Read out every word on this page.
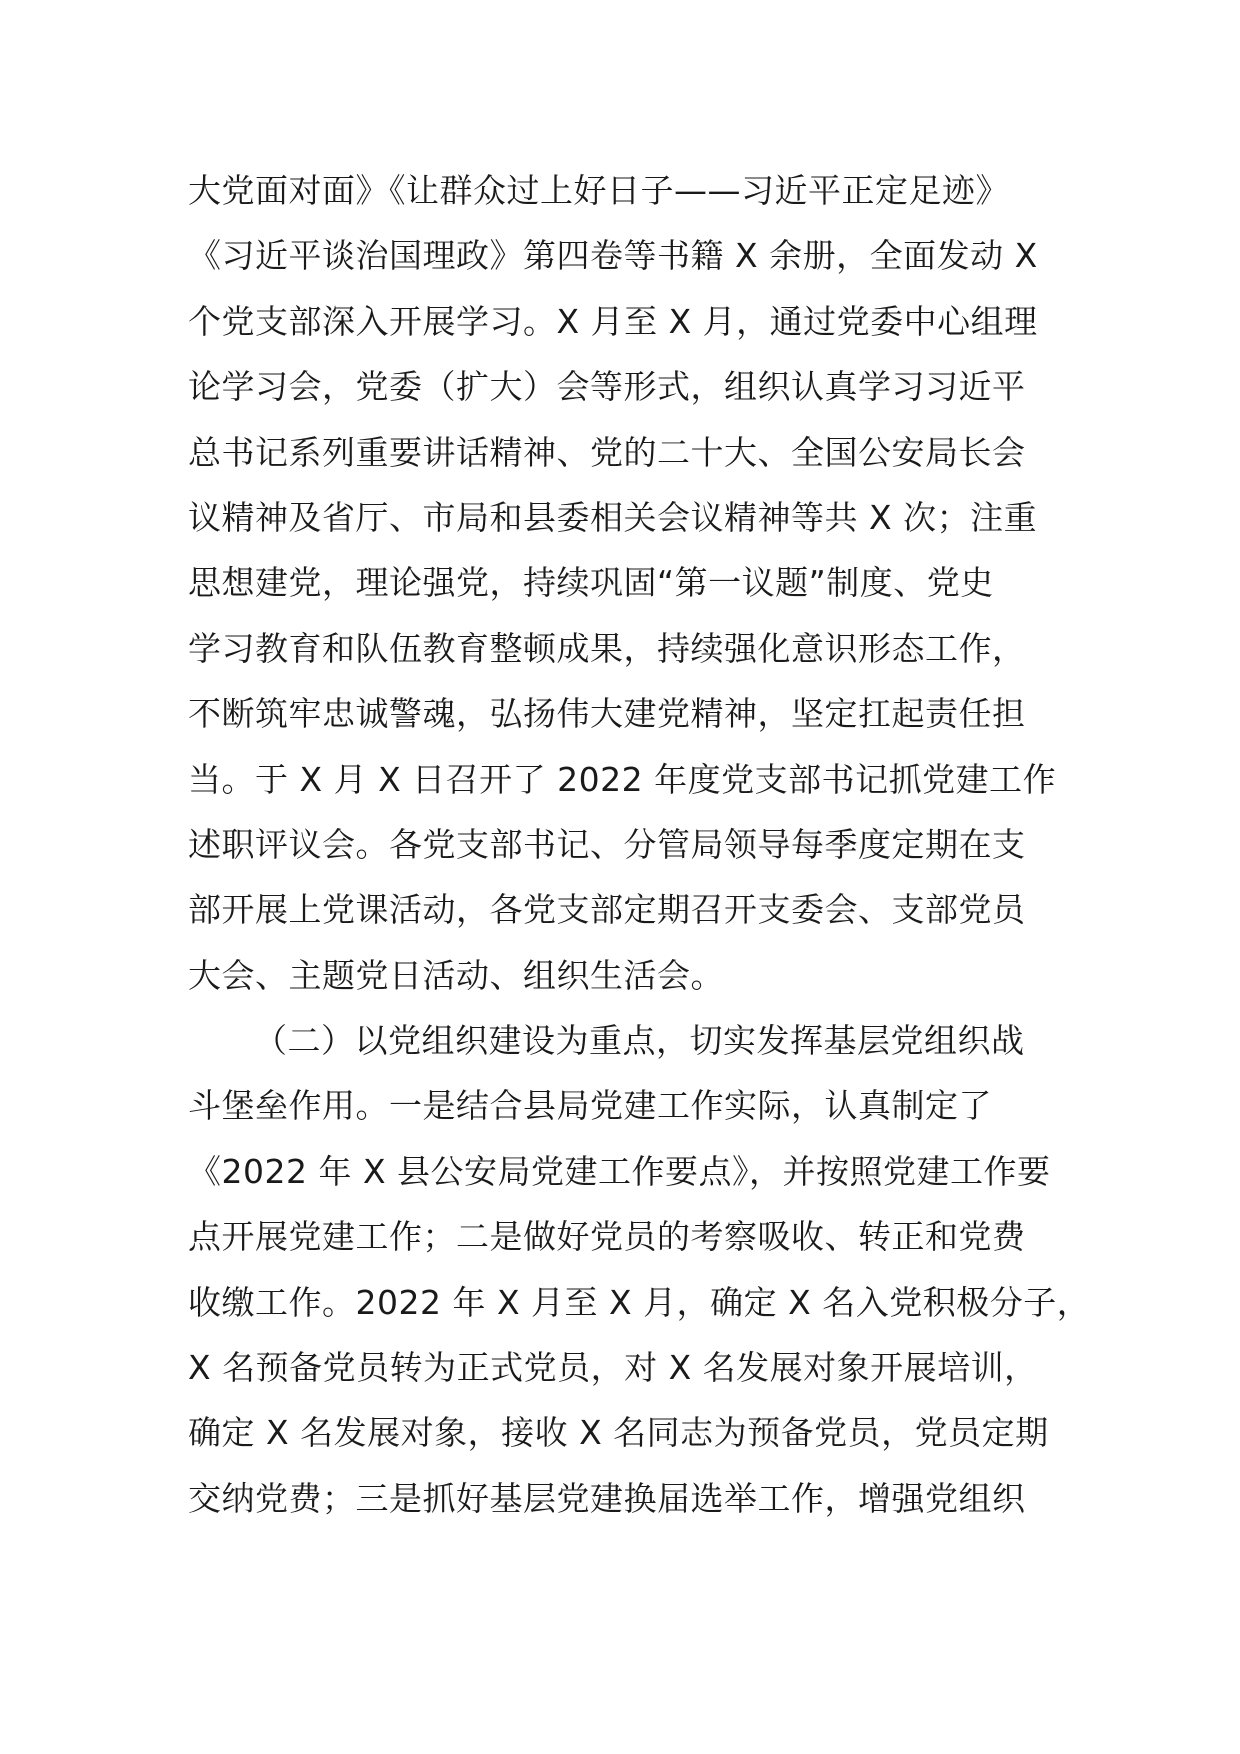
大党面对面》《让群众过上好日子——习近平正定足迹》
《习近平谈治国理政》第四卷等书籍 X 余册，全面发动 X
个党支部深入开展学习。X 月至 X 月，通过党委中心组理
论学习会，党委（扩大）会等形式，组织认真学习习近平
总书记系列重要讲话精神、党的二十大、全国公安局长会
议精神及省厅、市局和县委相关会议精神等共 X 次；注重
思想建党，理论强党，持续巩固“第一议题”制度、党史
学习教育和队伍教育整顿成果，持续强化意识形态工作，
不断筑牢忠诚警魂，弘扬伟大建党精神，坚定扛起责任担
当。于 X 月 X 日召开了 2022 年度党支部书记抓党建工作
述职评议会。各党支部书记、分管局领导每季度定期在支
部开展上党课活动，各党支部定期召开支委会、支部党员
大会、主题党日活动、组织生活会。
（二）以党组织建设为重点，切实发挥基层党组织战
斗堡垒作用。一是结合县局党建工作实际，认真制定了
《2022 年 X 县公安局党建工作要点》，并按照党建工作要
点开展党建工作；二是做好党员的考察吸收、转正和党费
收缴工作。2022 年 X 月至 X 月，确定 X 名入党积极分子，
X 名预备党员转为正式党员，对 X 名发展对象开展培训，
确定 X 名发展对象，接收 X 名同志为预备党员，党员定期
交纳党费；三是抓好基层党建换届选举工作，增强党组织
